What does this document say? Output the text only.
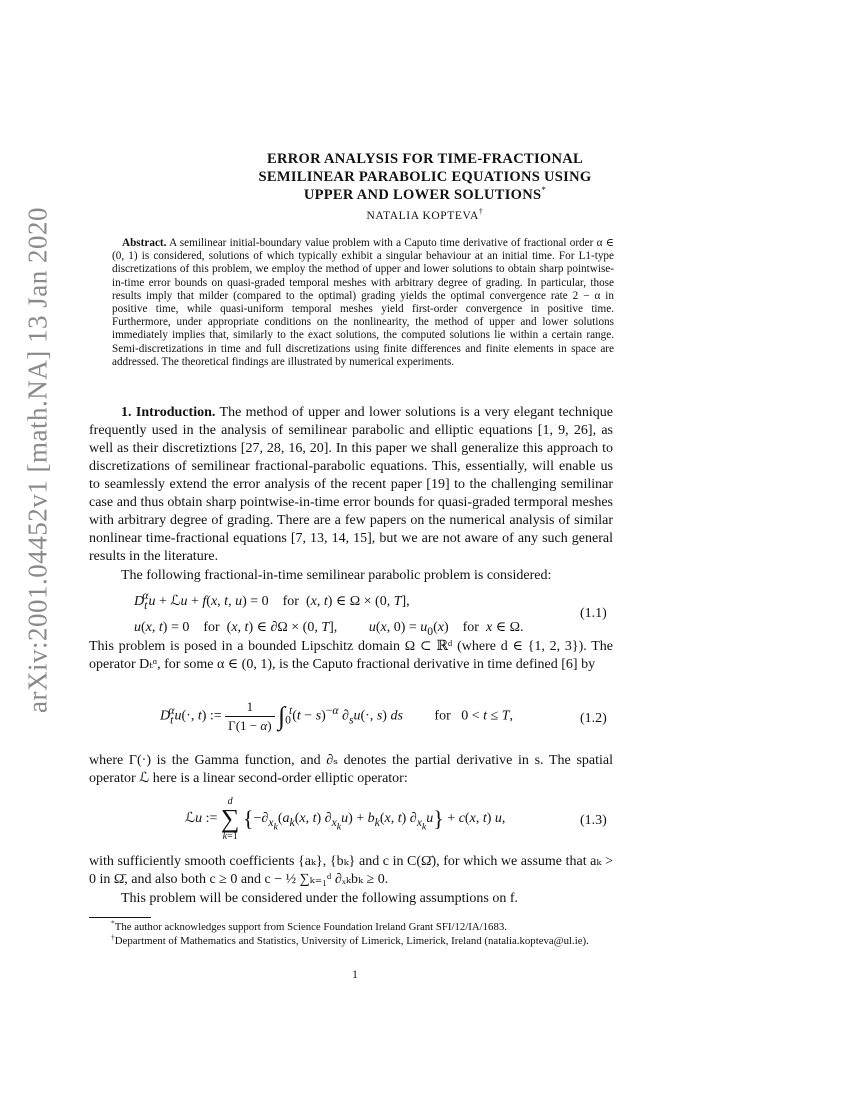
arXiv:2001.04452v1 [math.NA] 13 Jan 2020
ERROR ANALYSIS FOR TIME-FRACTIONAL
SEMILINEAR PARABOLIC EQUATIONS USING
UPPER AND LOWER SOLUTIONS*
NATALIA KOPTEVA†
Abstract. A semilinear initial-boundary value problem with a Caputo time derivative of fractional order α ∈ (0, 1) is considered, solutions of which typically exhibit a singular behaviour at an initial time. For L1-type discretizations of this problem, we employ the method of upper and lower solutions to obtain sharp pointwise-in-time error bounds on quasi-graded temporal meshes with arbitrary degree of grading. In particular, those results imply that milder (compared to the optimal) grading yields the optimal convergence rate 2 − α in positive time, while quasi-uniform temporal meshes yield first-order convergence in positive time. Furthermore, under appropriate conditions on the nonlinearity, the method of upper and lower solutions immediately implies that, similarly to the exact solutions, the computed solutions lie within a certain range. Semi-discretizations in time and full discretizations using finite differences and finite elements in space are addressed. The theoretical findings are illustrated by numerical experiments.
1. Introduction. The method of upper and lower solutions is a very elegant technique frequently used in the analysis of semilinear parabolic and elliptic equations [1, 9, 26], as well as their discretiztions [27, 28, 16, 20]. In this paper we shall generalize this approach to discretizations of semilinear fractional-parabolic equations. This, essentially, will enable us to seamlessly extend the error analysis of the recent paper [19] to the challenging semilinar case and thus obtain sharp pointwise-in-time error bounds for quasi-graded termporal meshes with arbitrary degree of grading. There are a few papers on the numerical analysis of similar nonlinear time-fractional equations [7, 13, 14, 15], but we are not aware of any such general results in the literature.
The following fractional-in-time semilinear parabolic problem is considered:
$D_t^\alpha u$ + ℒu + f(x, t, u) = 0    for  (x, t) ∈ Ω × (0, T],
u(x, t) = 0    for  (x, t) ∈ ∂Ω × (0, T],         u(x, $0) = u_0(x)$    for  x ∈ Ω.
(1.1)
This problem is posed in a bounded Lipschitz domain Ω ⊂ ℝᵈ (where d ∈ {1, 2, 3}). The operator Dₜᵅ, for some α ∈ (0, 1), is the Caputo fractional derivative in time defined [6] by
$D_t^\alpha u(\cdot$, t) := $\frac{1}{\Gamma(1 - \alpha)} \int_0^t(t - s)^{-\alpha}$ $\partial_su(\cdot$, s) ds         for   0 < t ≤ T,	(1.2)
where Γ(·) is the Gamma function, and ∂ₛ denotes the partial derivative in s. The spatial operator ℒ here is a linear second-order elliptic operator:
ℒu := d
∑
k=1 {$-\partial_{x_k}(a_k(x$, t) $\partial_{x_k}u) + b_k(x$, t) $\partial_{x_k}u\} + c(x$, t) u,	(1.3)
with sufficiently smooth coefficients {aₖ}, {bₖ} and c in C(Ω̄), for which we assume that aₖ > 0 in Ω̄, and also both c ≥ 0 and c − ½ ∑ₖ₌₁ᵈ ∂ₓₖbₖ ≥ 0.
This problem will be considered under the following assumptions on f.
*The author acknowledges support from Science Foundation Ireland Grant SFI/12/IA/1683.
†Department of Mathematics and Statistics, University of Limerick, Limerick, Ireland (natalia.kopteva@ul.ie).
1
